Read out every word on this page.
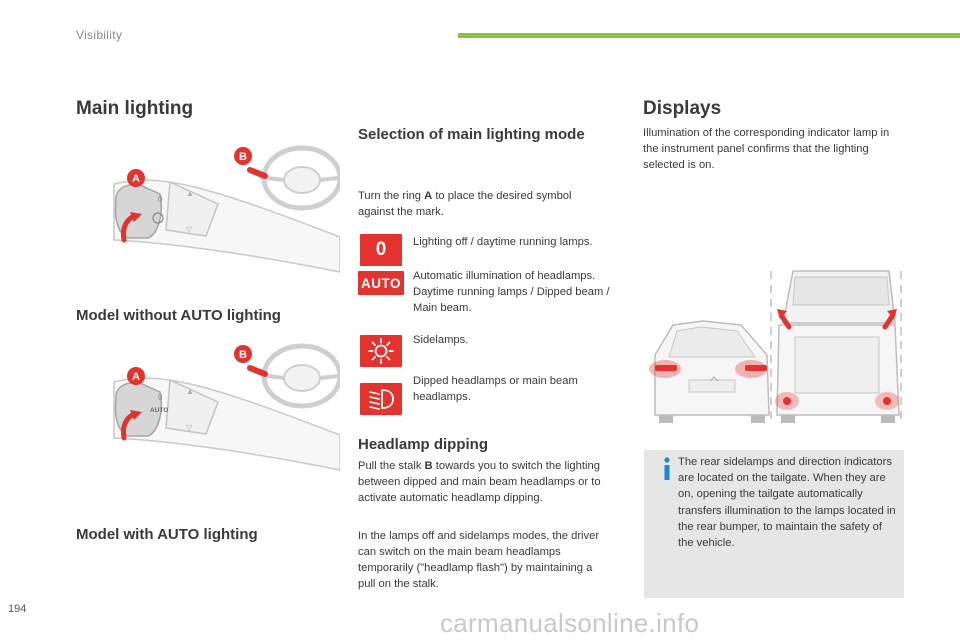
Visibility
Main lighting
B
0
▲
▽
A
Model without AUTO lighting
B
AUTO
0
▲
▽
A
Model with AUTO lighting
Selection of main lighting mode
Turn the ring A to place the desired symbol against the mark.
0 Lighting off / daytime running lamps.
AUTO Automatic illumination of headlamps. Daytime running lamps / Dipped beam / Main beam.
Sidelamps.
Dipped headlamps or main beam headlamps.
Headlamp dipping
Pull the stalk B towards you to switch the lighting between dipped and main beam headlamps or to activate automatic headlamp dipping.
In the lamps off and sidelamps modes, the driver can switch on the main beam headlamps temporarily ("headlamp flash") by maintaining a pull on the stalk.
Displays
Illumination of the corresponding indicator lamp in the instrument panel confirms that the lighting selected is on.
The rear sidelamps and direction indicators are located on the tailgate. When they are on, opening the tailgate automatically transfers illumination to the lamps located in the rear bumper, to maintain the safety of the vehicle.
194	carmanualsonline.info
